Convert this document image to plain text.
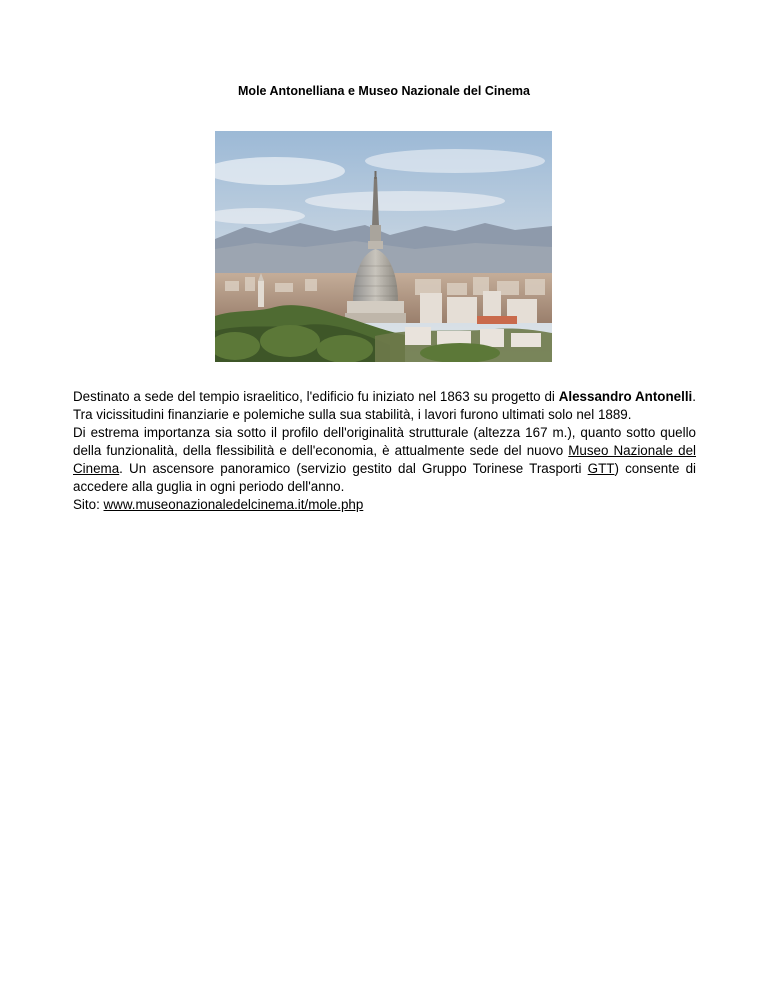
Mole Antonelliana e Museo Nazionale del Cinema

Destinato a sede del tempio israelitico, l'edificio fu iniziato nel 1863 su progetto di Alessandro Antonelli. Tra vicissitudini finanziarie e polemiche sulla sua stabilità, i lavori furono ultimati solo nel 1889.

Di estrema importanza sia sotto il profilo dell'originalità strutturale (altezza 167 m.), quanto sotto quello della funzionalità, della flessibilità e dell'economia, è attualmente sede del nuovo Museo Nazionale del Cinema. Un ascensore panoramico (servizio gestito dal Gruppo Torinese Trasporti GTT) consente di accedere alla guglia in ogni periodo dell'anno.

Sito: www.museonazionaledelcinema.it/mole.php
